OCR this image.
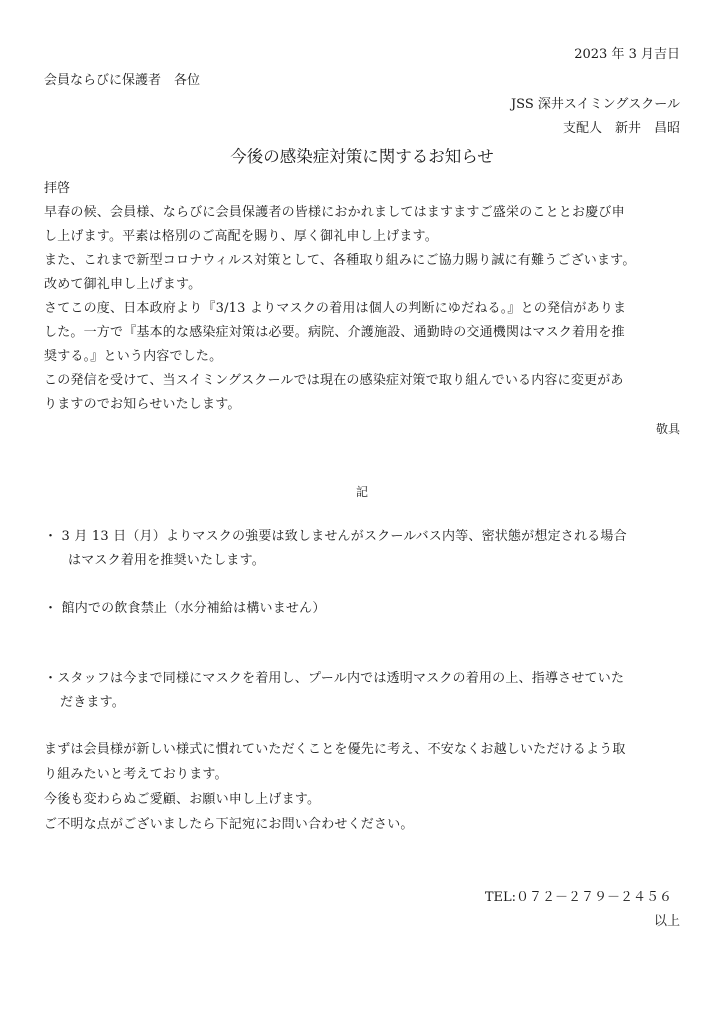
2023 年 3 月吉日
会員ならびに保護者　各位
JSS 深井スイミングスクール
支配人　新井　昌昭
今後の感染症対策に関するお知らせ
拝啓
早春の候、会員様、ならびに会員保護者の皆様におかれましてはますますご盛栄のこととお慶び申
し上げます。平素は格別のご高配を賜り、厚く御礼申し上げます。
また、これまで新型コロナウィルス対策として、各種取り組みにご協力賜り誠に有難うございます。
改めて御礼申し上げます。
さてこの度、日本政府より『3/13 よりマスクの着用は個人の判断にゆだねる。』との発信がありま
した。一方で『基本的な感染症対策は必要。病院、介護施設、通勤時の交通機関はマスク着用を推
奨する。』という内容でした。
この発信を受けて、当スイミングスクールでは現在の感染症対策で取り組んでいる内容に変更があ
りますのでお知らせいたします。
敬具
記
・ 3 月 13 日（月）よりマスクの強要は致しませんがスクールバス内等、密状態が想定される場合
はマスク着用を推奨いたします。
・ 館内での飲食禁止（水分補給は構いません）
・スタッフは今まで同様にマスクを着用し、プール内では透明マスクの着用の上、指導させていた
だきます。
まずは会員様が新しい様式に慣れていただくことを優先に考え、不安なくお越しいただけるよう取
り組みたいと考えております。
今後も変わらぬご愛顧、お願い申し上げます。
ご不明な点がございましたら下記宛にお問い合わせください。
TEL:０７２－２７９－２４５６
以上
